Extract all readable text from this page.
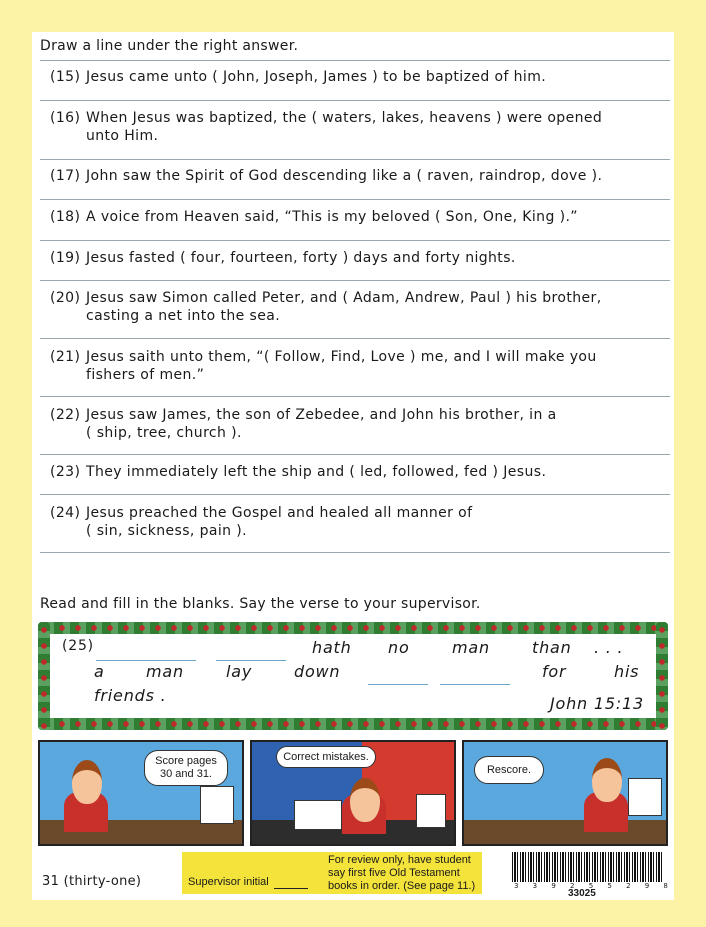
Draw a line under the right answer.
(15) Jesus came unto ( John, Joseph, James ) to be baptized of him.
(16) When Jesus was baptized, the ( waters, lakes, heavens ) were opened
unto Him.
(17) John saw the Spirit of God descending like a ( raven, raindrop, dove ).
(18) A voice from Heaven said, “This is my beloved ( Son, One, King ).”
(19) Jesus fasted ( four, fourteen, forty ) days and forty nights.
(20) Jesus saw Simon called Peter, and ( Adam, Andrew, Paul ) his brother,
casting a net into the sea.
(21) Jesus saith unto them, “( Follow, Find, Love ) me, and I will make you
fishers of men.”
(22) Jesus saw James, the son of Zebedee, and John his brother, in a
( ship, tree, church ).
(23) They immediately left the ship and ( led, followed, fed ) Jesus.
(24) Jesus preached the Gospel and healed all manner of
( sin, sickness, pain ).
Read and fill in the blanks. Say the verse to your supervisor.
(25)	hath no	man	than . . .
a	man	lay	down	for	his
friends .	John 15:13
Score pages
30 and 31.
Correct mistakes.
Rescore.
31 (thirty-one)	Supervisor initial
For review only, have student say first five Old Testament books in order. (See page 11.)	3 3 9 2 5 5 2 9 8
33025
